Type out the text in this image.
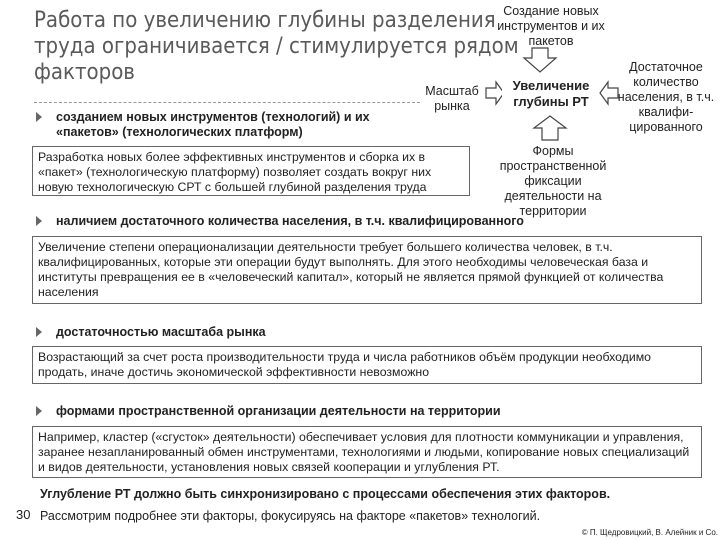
Работа по увеличению глубины разделения
труда ограничивается / стимулируется рядом
факторов
Создание новых инструментов и их пакетов
Масштаб рынка
Увеличение глубины РТ
Достаточное количество населения, в т.ч. квалифи-цированного
Формы пространственной фиксации деятельности на территории
созданием новых инструментов (технологий) и их «пакетов» (технологических платформ)
Разработка новых более эффективных инструментов и сборка их в «пакет» (технологическую платформу) позволяет создать вокруг них новую технологическую СРТ с большей глубиной разделения труда
наличием достаточного количества населения, в т.ч. квалифицированного
Увеличение степени операционализации деятельности требует большего количества человек, в т.ч. квалифицированных, которые эти операции будут выполнять. Для этого необходимы человеческая база и институты превращения ее в «человеческий капитал», который не является прямой функцией от количества населения
достаточностью масштаба рынка
Возрастающий за счет роста производительности труда и числа работников объём продукции необходимо продать, иначе достичь экономической эффективности невозможно
формами пространственной организации деятельности на территории
Например, кластер («сгусток» деятельности) обеспечивает условия для плотности коммуникации и управления, заранее незапланированный обмен инструментами, технологиями и людьми, копирование новых специализаций и видов деятельности, установления новых связей кооперации и углубления РТ.
Углубление РТ должно быть синхронизировано с процессами обеспечения этих факторов.
30 Рассмотрим подробнее эти факторы, фокусируясь на факторе «пакетов» технологий.
© П. Щедровицкий, В. Алейник и Со.
